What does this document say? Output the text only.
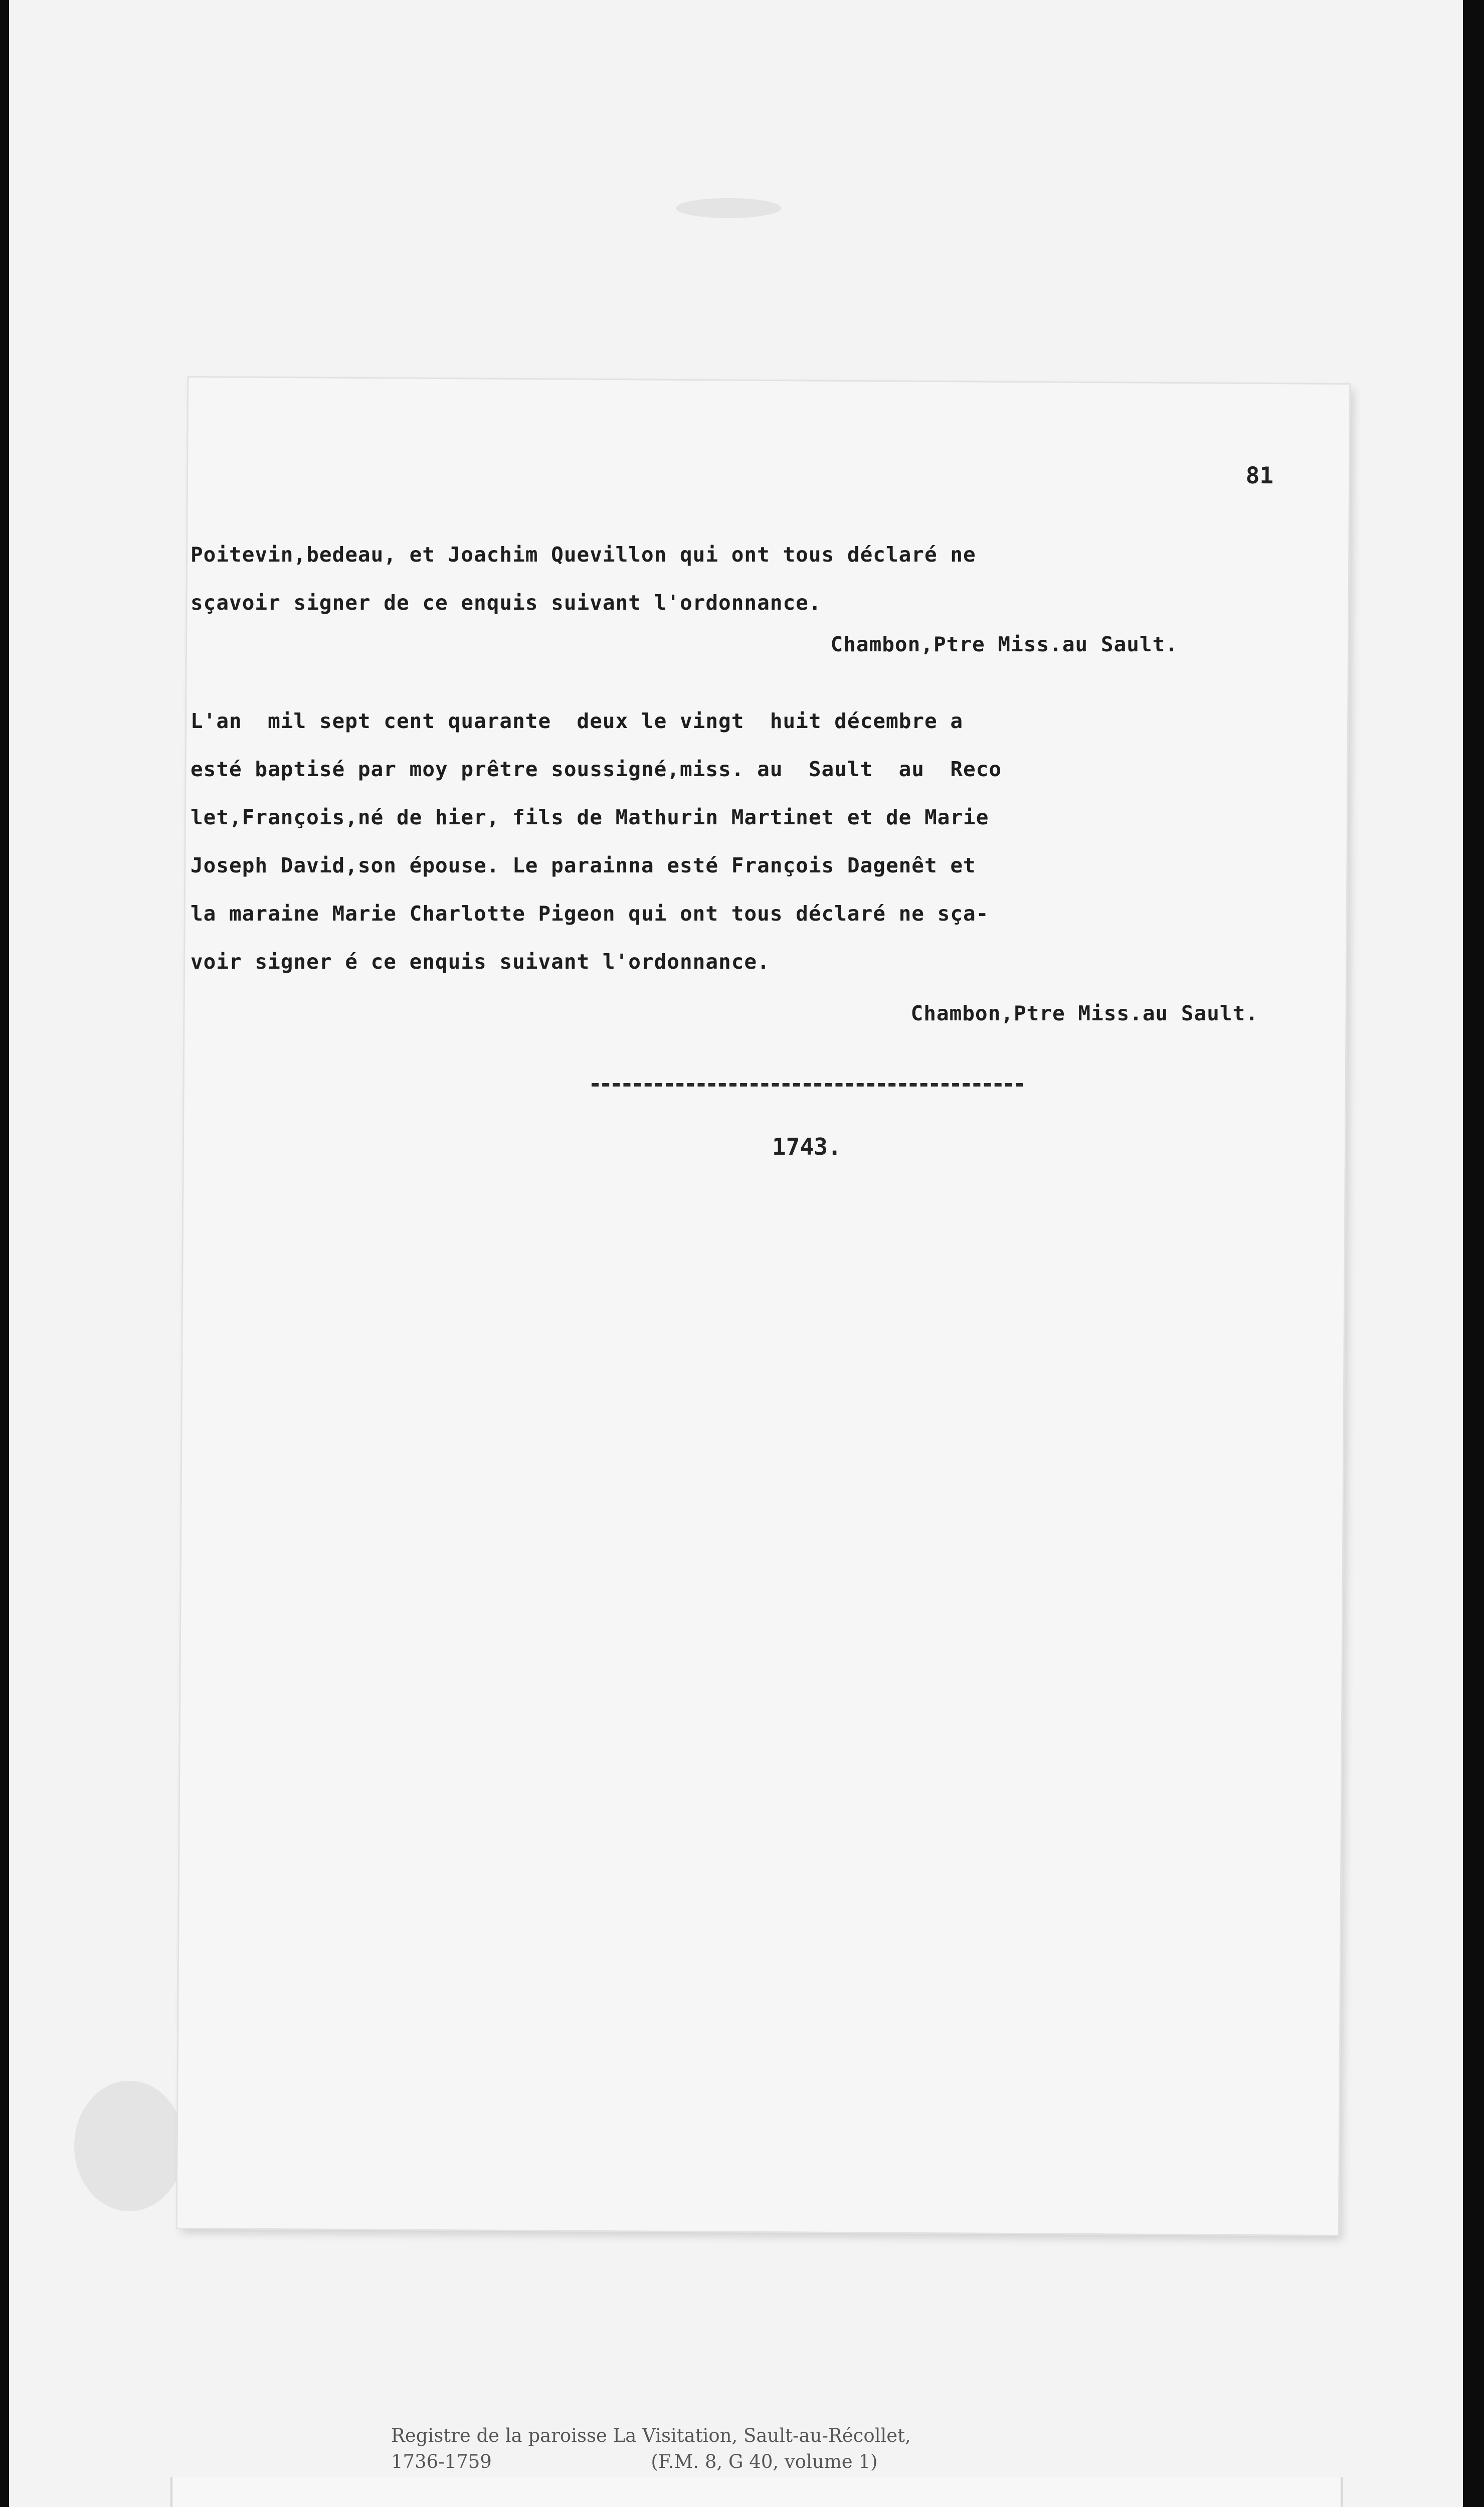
81

Poitevin,bedeau, et Joachim Quevillon qui ont tous déclaré ne

sçavoir signer de ce enquis suivant l'ordonnance.

Chambon,Ptre Miss.au Sault.

L'an  mil sept cent quarante  deux le vingt  huit décembre a

esté baptisé par moy prêtre soussigné,miss. au  Sault  au  Reco

let,François,né de hier, fils de Mathurin Martinet et de Marie

Joseph David,son épouse. Le parainna esté François Dagenêt et

la maraine Marie Charlotte Pigeon qui ont tous déclaré ne sça-

voir signer é ce enquis suivant l'ordonnance.

Chambon,Ptre Miss.au Sault.

1743.
Registre de la paroisse La Visitation, Sault-au-Récollet,
1736-1759                           (F.M. 8, G 40, volume 1)
